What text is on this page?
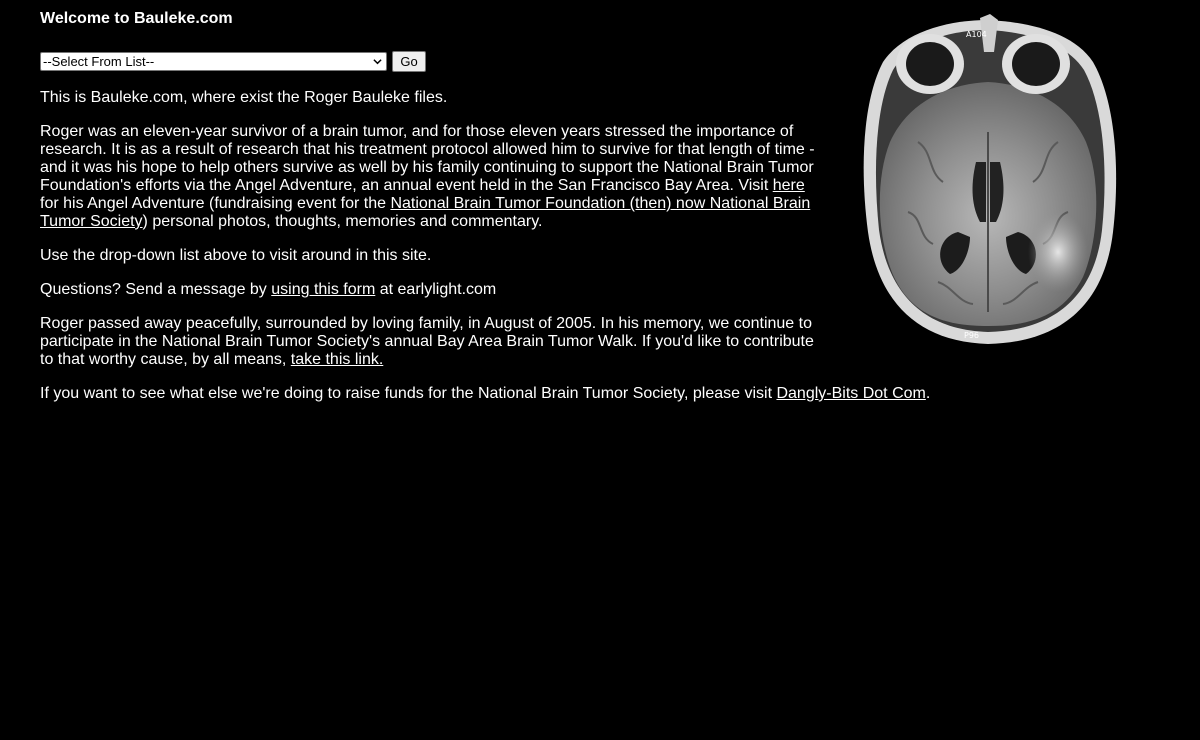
Welcome to Bauleke.com
--Select From List--	Go

This is Bauleke.com, where exist the Roger Bauleke files.

Roger was an eleven-year survivor of a brain tumor, and for those eleven years stressed the importance of research. It is as a result of research that his treatment protocol allowed him to survive for that length of time - and it was his hope to help others survive as well by his family continuing to support the National Brain Tumor Foundation's efforts via the Angel Adventure, an annual event held in the San Francisco Bay Area. Visit here for his Angel Adventure (fundraising event for the National Brain Tumor Foundation (then) now National Brain Tumor Society) personal photos, thoughts, memories and commentary.

Use the drop-down list above to visit around in this site.

Questions? Send a message by using this form at earlylight.com

Roger passed away peacefully, surrounded by loving family, in August of 2005. In his memory, we continue to participate in the National Brain Tumor Society's annual Bay Area Brain Tumor Walk. If you'd like to contribute to that worthy cause, by all means, take this link.

If you want to see what else we're doing to raise funds for the National Brain Tumor Society, please visit Dangly-Bits Dot Com.

A104
P96
